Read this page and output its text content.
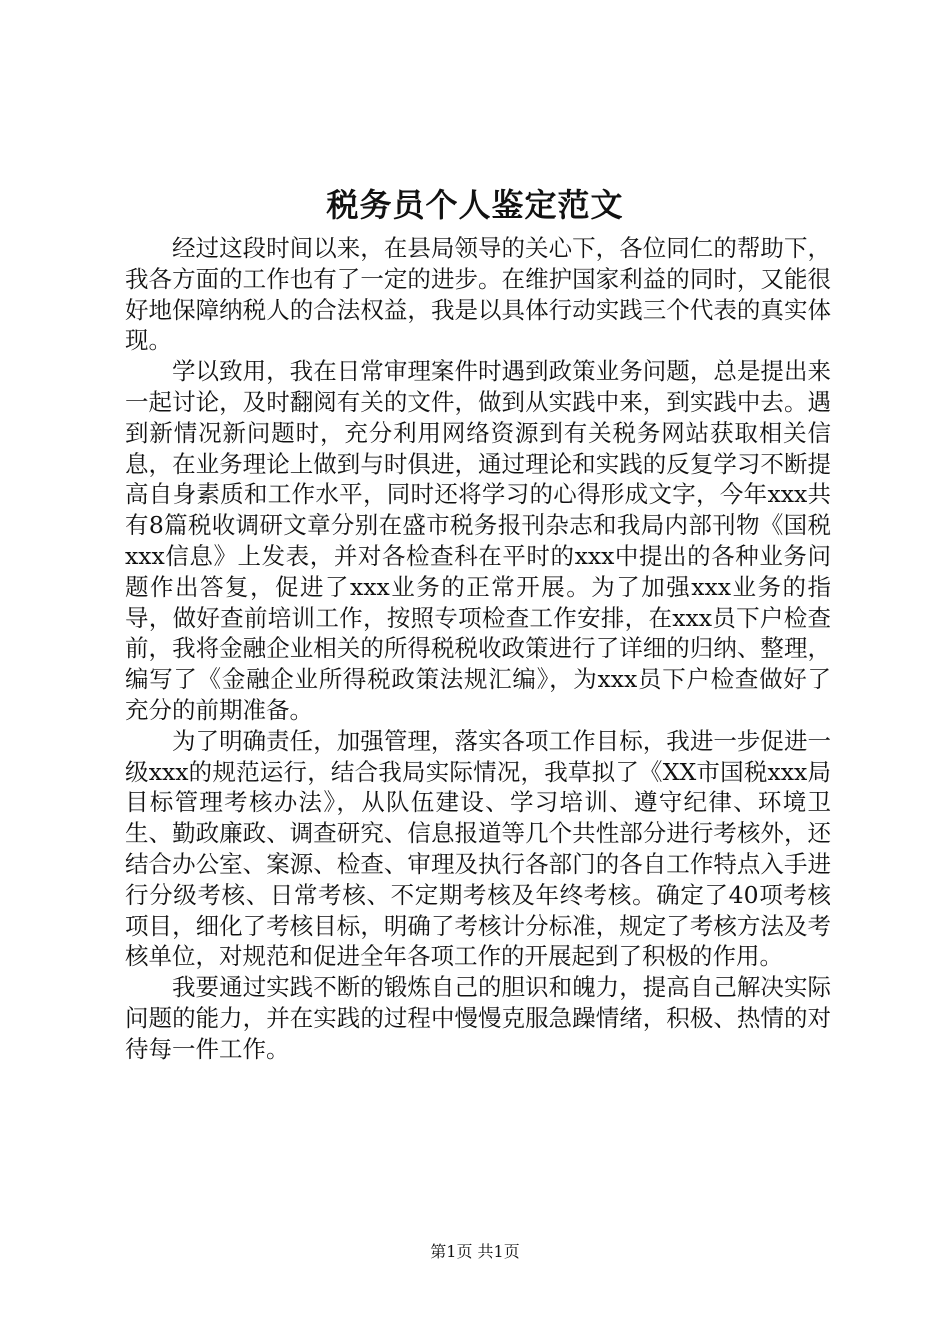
税务员个人鉴定范文

经过这段时间以来，在县局领导的关心下，各位同仁的帮助下，我各方面的工作也有了一定的进步。在维护国家利益的同时，又能很好地保障纳税人的合法权益，我是以具体行动实践三个代表的真实体现。

学以致用，我在日常审理案件时遇到政策业务问题，总是提出来一起讨论，及时翻阅有关的文件，做到从实践中来，到实践中去。遇到新情况新问题时，充分利用网络资源到有关税务网站获取相关信息，在业务理论上做到与时俱进，通过理论和实践的反复学习不断提高自身素质和工作水平，同时还将学习的心得形成文字，今年xxx共有8篇税收调研文章分别在盛市税务报刊杂志和我局内部刊物《国税xxx信息》上发表，并对各检查科在平时的xxx中提出的各种业务问题作出答复，促进了xxx业务的正常开展。为了加强xxx业务的指导，做好查前培训工作，按照专项检查工作安排，在xxx员下户检查前，我将金融企业相关的所得税税收政策进行了详细的归纳、整理，编写了《金融企业所得税政策法规汇编》，为xxx员下户检查做好了充分的前期准备。

为了明确责任，加强管理，落实各项工作目标，我进一步促进一级xxx的规范运行，结合我局实际情况，我草拟了《XX市国税xxx局目标管理考核办法》，从队伍建设、学习培训、遵守纪律、环境卫生、勤政廉政、调查研究、信息报道等几个共性部分进行考核外，还结合办公室、案源、检查、审理及执行各部门的各自工作特点入手进行分级考核、日常考核、不定期考核及年终考核。确定了40项考核项目，细化了考核目标，明确了考核计分标准，规定了考核方法及考核单位，对规范和促进全年各项工作的开展起到了积极的作用。

我要通过实践不断的锻炼自己的胆识和魄力，提高自己解决实际问题的能力，并在实践的过程中慢慢克服急躁情绪，积极、热情的对待每一件工作。

第1页 共1页
